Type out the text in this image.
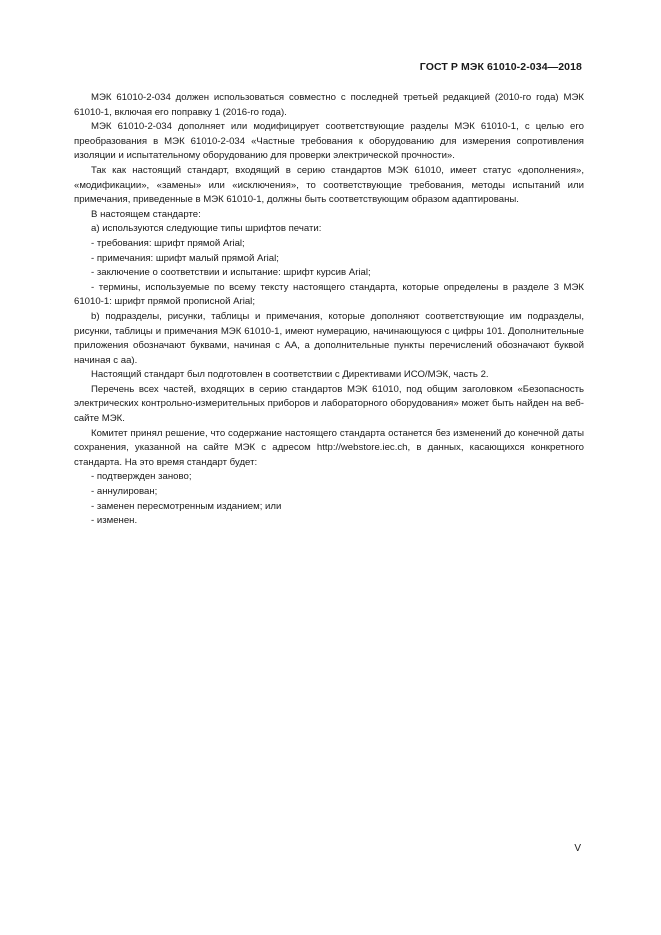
ГОСТ Р МЭК 61010-2-034—2018

МЭК 61010-2-034 должен использоваться совместно с последней третьей редакцией (2010-го года) МЭК 61010-1, включая его поправку 1 (2016-го года).

МЭК 61010-2-034 дополняет или модифицирует соответствующие разделы МЭК 61010-1, с целью его преобразования в МЭК 61010-2-034 «Частные требования к оборудованию для измерения сопротивления изоляции и испытательному оборудованию для проверки электрической прочности».

Так как настоящий стандарт, входящий в серию стандартов МЭК 61010, имеет статус «дополнения», «модификации», «замены» или «исключения», то соответствующие требования, методы испытаний или примечания, приведенные в МЭК 61010-1, должны быть соответствующим образом адаптированы.

В настоящем стандарте:

а) используются следующие типы шрифтов печати:

- требования: шрифт прямой Arial;

- примечания: шрифт малый прямой Arial;

- заключение о соответствии и испытание: шрифт курсив Arial;

- термины, используемые по всему тексту настоящего стандарта, которые определены в разделе 3 МЭК 61010-1: шрифт прямой прописной Arial;

b) подразделы, рисунки, таблицы и примечания, которые дополняют соответствующие им подразделы, рисунки, таблицы и примечания МЭК 61010-1, имеют нумерацию, начинающуюся с цифры 101. Дополнительные приложения обозначают буквами, начиная с АА, а дополнительные пункты перечислений обозначают буквой начиная с аа).

Настоящий стандарт был подготовлен в соответствии с Директивами ИСО/МЭК, часть 2.

Перечень всех частей, входящих в серию стандартов МЭК 61010, под общим заголовком «Безопасность электрических контрольно-измерительных приборов и лабораторного оборудования» может быть найден на веб-сайте МЭК.

Комитет принял решение, что содержание настоящего стандарта останется без изменений до конечной даты сохранения, указанной на сайте МЭК с адресом http://webstore.iec.ch, в данных, касающихся конкретного стандарта. На это время стандарт будет:

- подтвержден заново;

- аннулирован;

- заменен пересмотренным изданием; или

- изменен.

V
